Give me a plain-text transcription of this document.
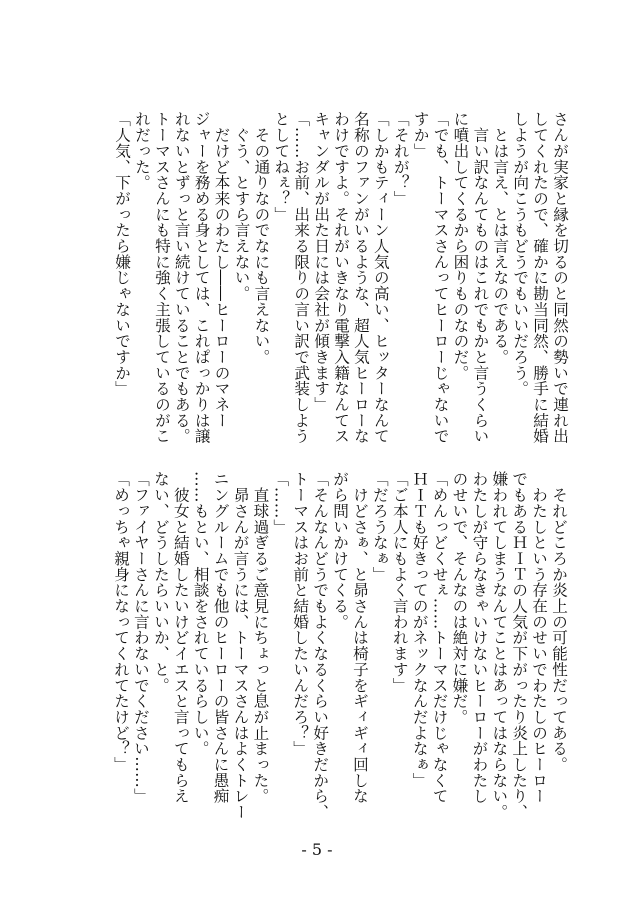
さんが実家と縁を切るのと同然の勢いで連れ出
してくれたので、確かに勘当同然、勝手に結婚
しようが向こうもどうでもいいだろう。
　とは言え、とは言えなのである。
　言い訳なんてものはこれでもかと言うくらい
に噴出してくるから困りものなのだ。
「でも、トーマスさんってヒーローじゃないで
すか」
「それが？」
「しかもティーン人気の高い、ヒッターなんて
名称のファンがいるような、超人気ヒーローな
わけですよ。それがいきなり電撃入籍なんてス
キャンダルが出た日には会社が傾きます」
「……お前、出来る限りの言い訳で武装しよう
としてねぇ？」
　その通りなのでなにも言えない。
　ぐう、とすら言えない。
　だけど本来のわたし――ヒーローのマネー
ジャーを務める身としては、これぱっかりは譲
れないとずっと言い続けていることでもある。
トーマスさんにも特に強く主張しているのがこ
れだった。
「人気、下がったら嫌じゃないですか」
　それどころか炎上の可能性だってある。
　わたしという存在のせいでわたしのヒーロー
でもあるＨＩＴの人気が下がったり炎上したり、
嫌われてしまうなんてことはあってはならない。
わたしが守らなきゃいけないヒーローがわたし
のせいで、そんなのは絶対に嫌だ。
「めんっどくせぇ……トーマスだけじゃなくて
ＨＩＴも好きってのがネックなんだよなぁ」
「ご本人にもよく言われます」
「だろうなぁ」
　けどさぁ、と昴さんは椅子をギィギィ回しな
がら問いかけてくる。
「そんなんどうでもよくなるくらい好きだから、
トーマスはお前と結婚したいんだろ？」
「……」
　直球過ぎるご意見にちょっと息が止まった。
　昴さんが言うには、トーマスさんはよくトレー
ニングルームでも他のヒーローの皆さんに愚痴
……もとい、相談をされているらしい。
　彼女と結婚したいけどイエスと言ってもらえ
ない、どうしたらいいか、と。
「ファイヤーさんに言わないでください……」
「めっちゃ親身になってくれてたけど？」
- 5 -
